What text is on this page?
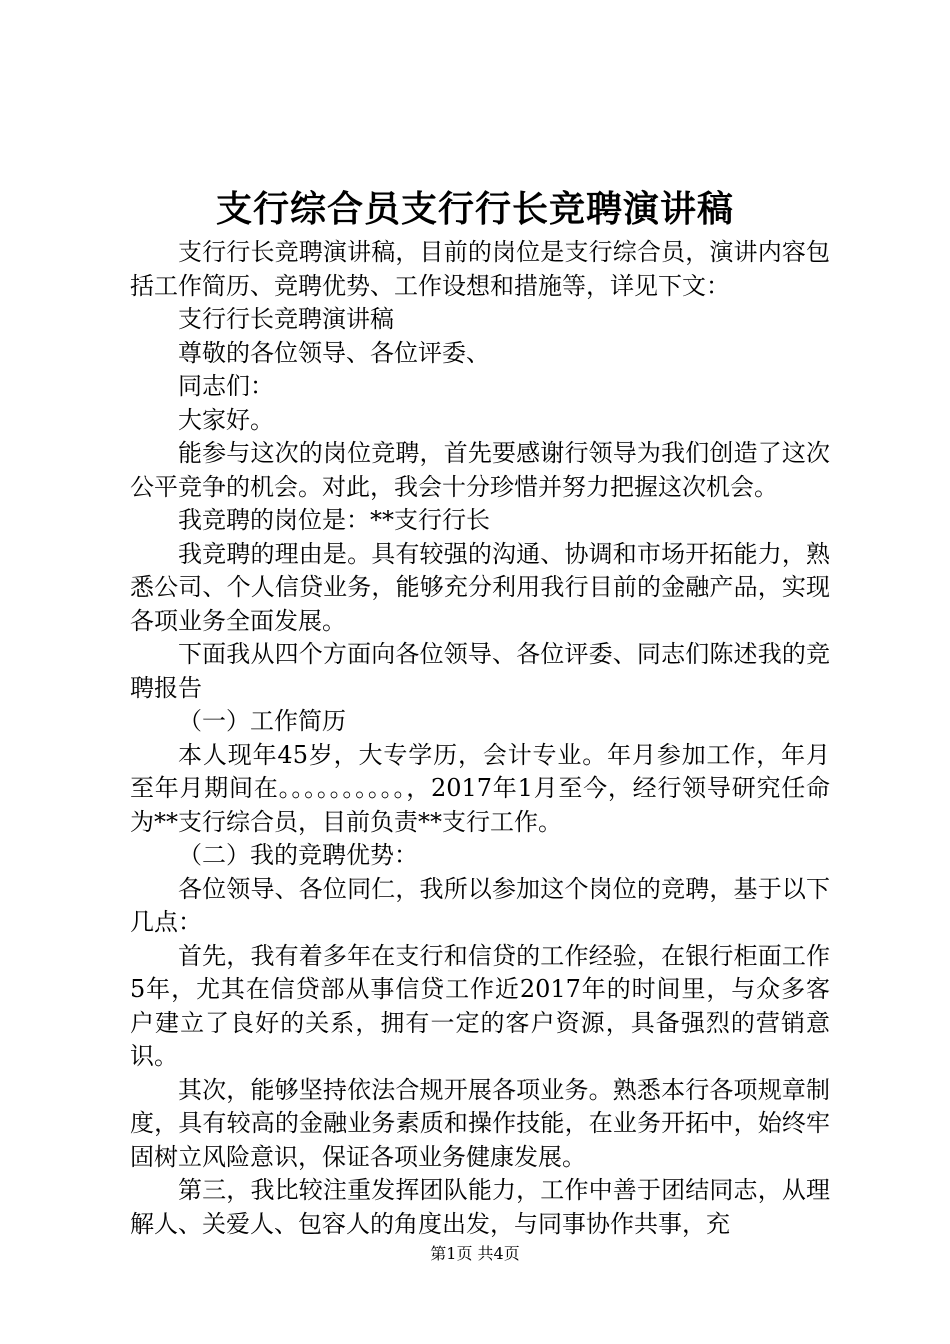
支行综合员支行行长竞聘演讲稿

支行行长竞聘演讲稿，目前的岗位是支行综合员，演讲内容包括工作简历、竞聘优势、工作设想和措施等，详见下文：

支行行长竞聘演讲稿

尊敬的各位领导、各位评委、

同志们：

大家好。

能参与这次的岗位竞聘，首先要感谢行领导为我们创造了这次公平竞争的机会。对此，我会十分珍惜并努力把握这次机会。

我竞聘的岗位是：**支行行长

我竞聘的理由是。具有较强的沟通、协调和市场开拓能力，熟悉公司、个人信贷业务，能够充分利用我行目前的金融产品，实现各项业务全面发展。

下面我从四个方面向各位领导、各位评委、同志们陈述我的竞聘报告

（一）工作简历

本人现年45岁，大专学历，会计专业。年月参加工作，年月至年月期间在。。。。。。。。。。，2017年1月至今，经行领导研究任命为**支行综合员，目前负责**支行工作。

（二）我的竞聘优势：

各位领导、各位同仁，我所以参加这个岗位的竞聘，基于以下几点：

首先，我有着多年在支行和信贷的工作经验，在银行柜面工作5年，尤其在信贷部从事信贷工作近2017年的时间里，与众多客户建立了良好的关系，拥有一定的客户资源，具备强烈的营销意识。

其次，能够坚持依法合规开展各项业务。熟悉本行各项规章制度，具有较高的金融业务素质和操作技能，在业务开拓中，始终牢固树立风险意识，保证各项业务健康发展。

第三，我比较注重发挥团队能力，工作中善于团结同志，从理解人、关爱人、包容人的角度出发，与同事协作共事，充

第1页 共4页
